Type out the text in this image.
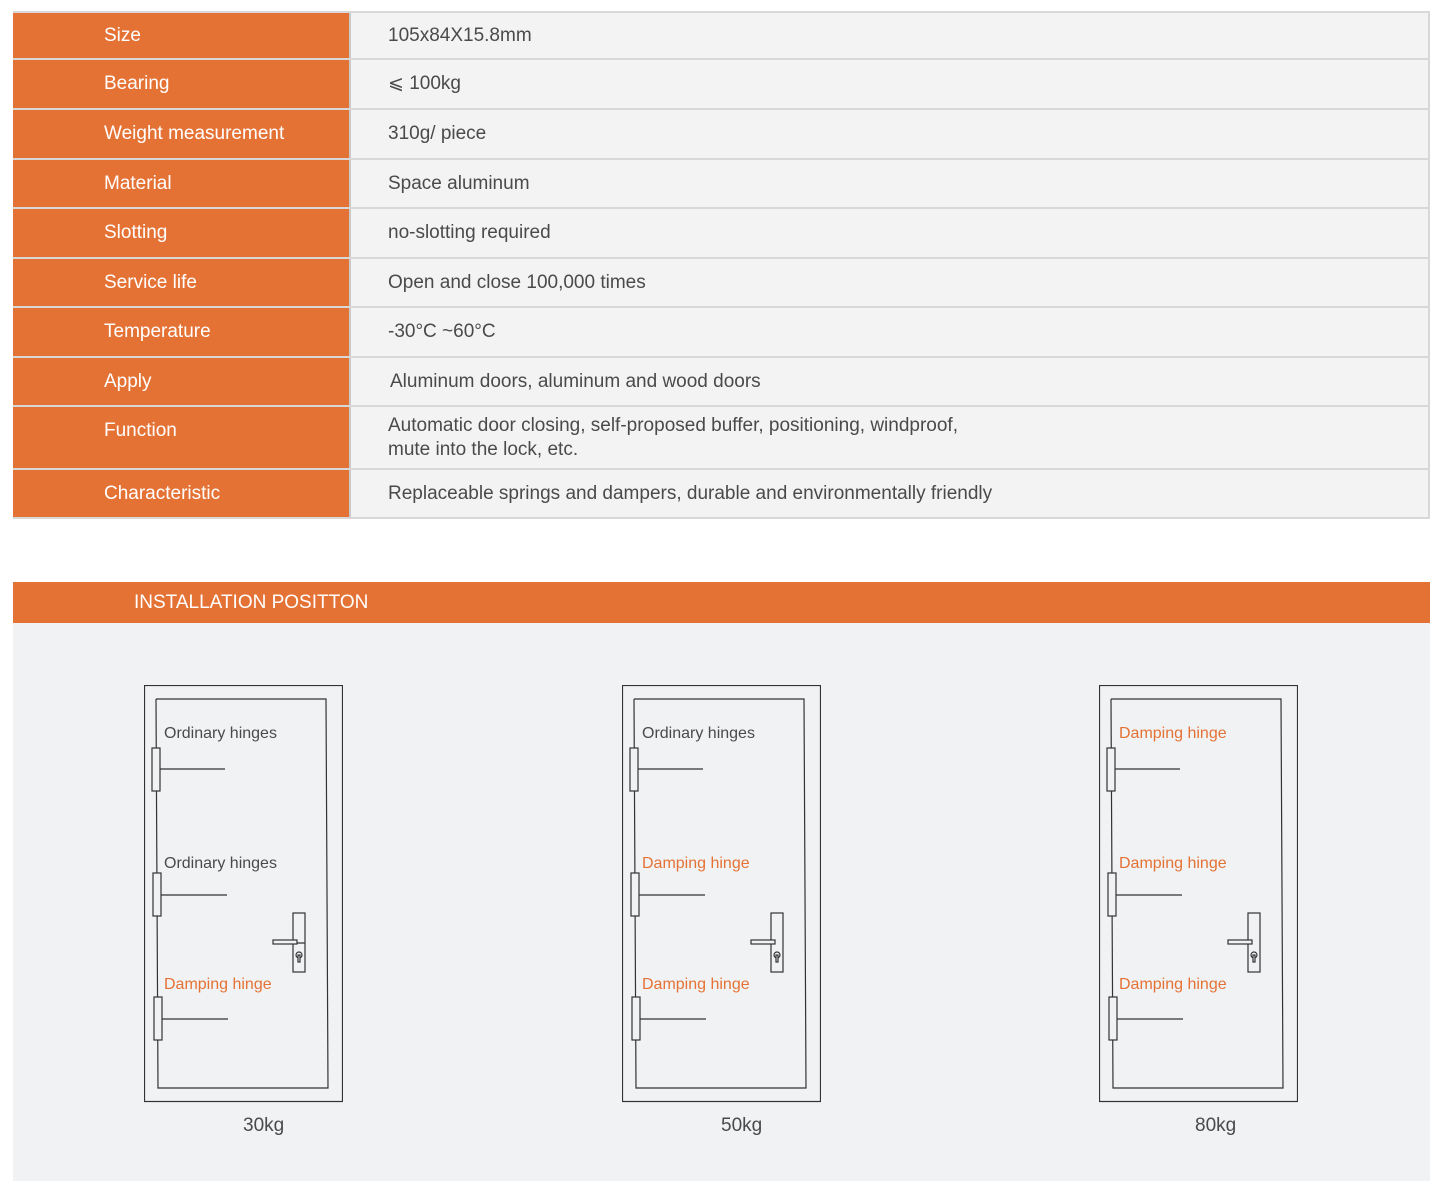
Size	105x84X15.8mm
Bearing	⩽ 100kg
Weight measurement	310g/ piece
Material	Space aluminum
Slotting	no-slotting required
Service life	Open and close 100,000 times
Temperature	-30°C ~60°C
Apply	Aluminum doors, aluminum and wood doors
Function	Automatic door closing, self-proposed buffer, positioning, windproof,
mute into the lock, etc.
Characteristic	Replaceable springs and dampers, durable and environmentally friendly
INSTALLATION POSITTON
Ordinary hinges
Ordinary hinges
Damping hinge
30kg
Ordinary hinges
Damping hinge
Damping hinge
50kg
Damping hinge
Damping hinge
Damping hinge
80kg
